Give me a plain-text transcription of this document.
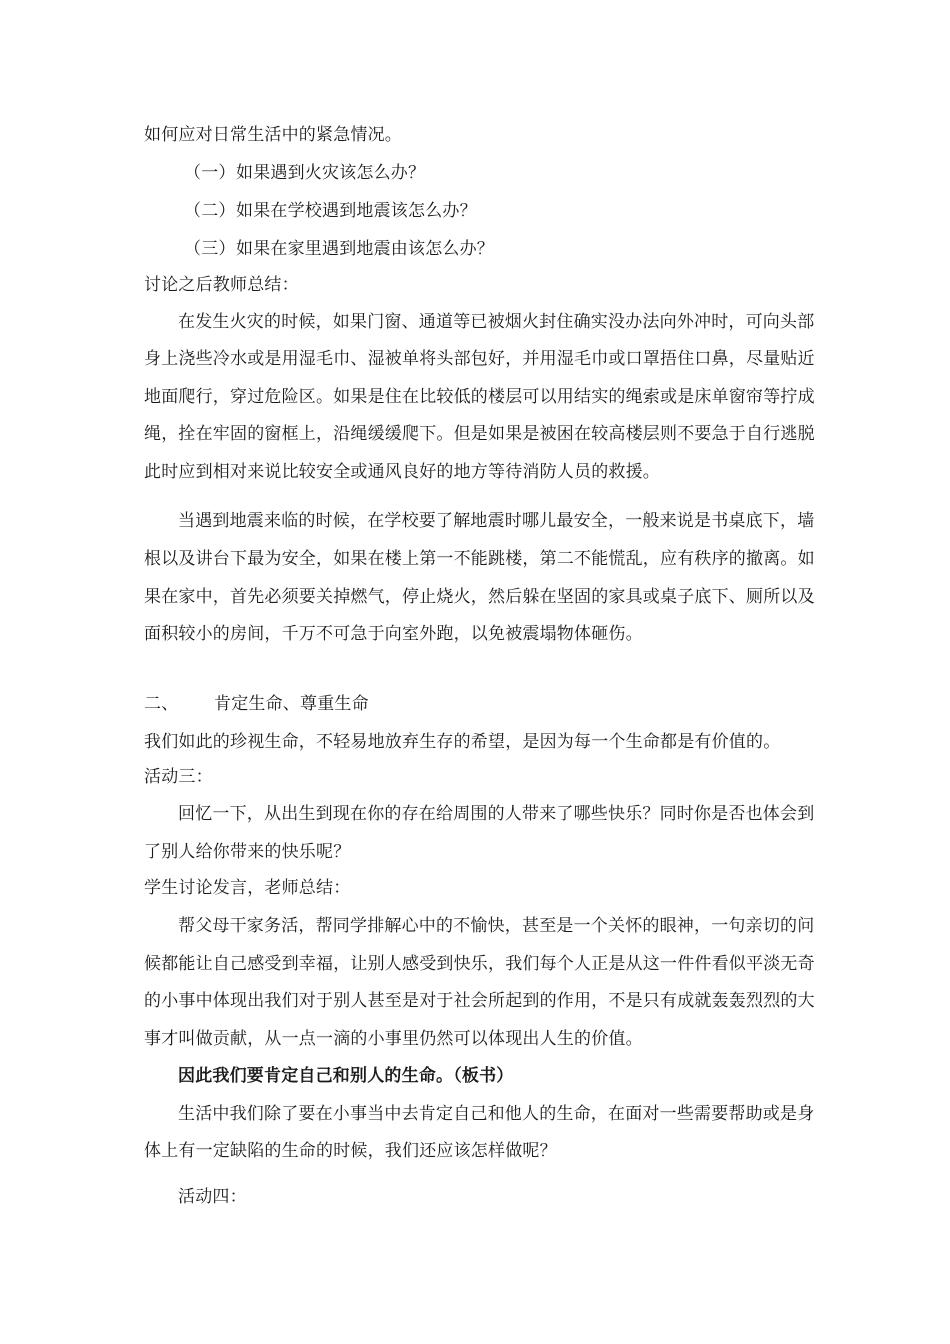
如何应对日常生活中的紧急情况。
（一）如果遇到火灾该怎么办？
（二）如果在学校遇到地震该怎么办？
（三）如果在家里遇到地震由该怎么办？
讨论之后教师总结：
在发生火灾的时候，如果门窗、通道等已被烟火封住确实没办法向外冲时，可向头部
身上浇些冷水或是用湿毛巾、湿被单将头部包好，并用湿毛巾或口罩捂住口鼻，尽量贴近
地面爬行，穿过危险区。如果是住在比较低的楼层可以用结实的绳索或是床单窗帘等拧成
绳，拴在牢固的窗框上，沿绳缓缓爬下。但是如果是被困在较高楼层则不要急于自行逃脱
此时应到相对来说比较安全或通风良好的地方等待消防人员的救援。
当遇到地震来临的时候，在学校要了解地震时哪儿最安全，一般来说是书桌底下，墙
根以及讲台下最为安全，如果在楼上第一不能跳楼，第二不能慌乱，应有秩序的撤离。如
果在家中，首先必须要关掉燃气，停止烧火，然后躲在坚固的家具或桌子底下、厕所以及
面积较小的房间，千万不可急于向室外跑，以免被震塌物体砸伤。
二、 肯定生命、尊重生命
我们如此的珍视生命，不轻易地放弃生存的希望，是因为每一个生命都是有价值的。
活动三：
回忆一下，从出生到现在你的存在给周围的人带来了哪些快乐？同时你是否也体会到
了别人给你带来的快乐呢？
学生讨论发言，老师总结：
帮父母干家务活，帮同学排解心中的不愉快，甚至是一个关怀的眼神，一句亲切的问
候都能让自己感受到幸福，让别人感受到快乐，我们每个人正是从这一件件看似平淡无奇
的小事中体现出我们对于别人甚至是对于社会所起到的作用，不是只有成就轰轰烈烈的大
事才叫做贡献，从一点一滴的小事里仍然可以体现出人生的价值。
因此我们要肯定自己和别人的生命。（板书）
生活中我们除了要在小事当中去肯定自己和他人的生命，在面对一些需要帮助或是身
体上有一定缺陷的生命的时候，我们还应该怎样做呢？
活动四：
